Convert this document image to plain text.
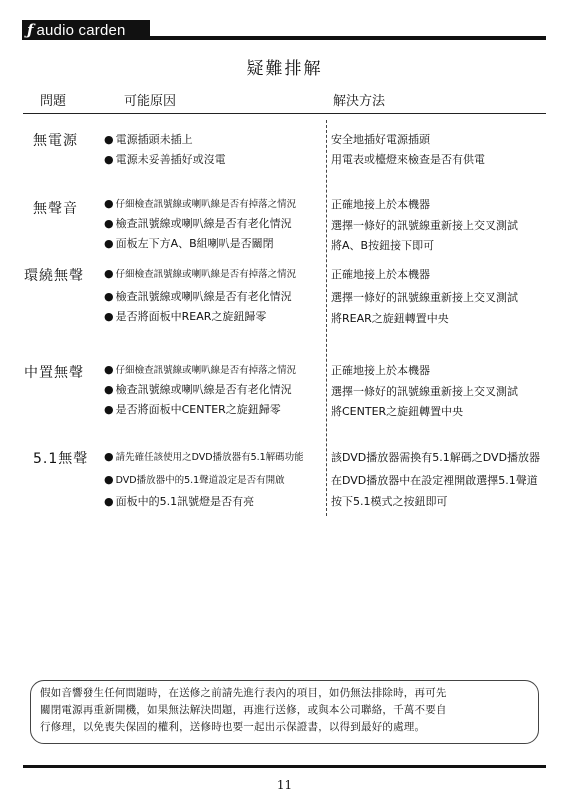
ƒ audio carden
疑難排解
問題	可能原因	解決方法
無電源 ● 電源插頭未插上
● 電源未妥善插好或沒電
安全地插好電源插頭
用電表或檯燈來檢查是否有供電
無聲音 ● 仔細檢查訊號線或喇叭線是否有掉落之情況
● 檢查訊號線或喇叭線是否有老化情況
● 面板左下方A、B組喇叭是否關閉
正確地接上於本機器
選擇一條好的訊號線重新接上交叉測試
將A、B按鈕接下即可
環繞無聲 ● 仔細檢查訊號線或喇叭線是否有掉落之情況
● 檢查訊號線或喇叭線是否有老化情況
● 是否將面板中REAR之旋鈕歸零
正確地接上於本機器
選擇一條好的訊號線重新接上交叉測試
將REAR之旋鈕轉置中央
中置無聲 ● 仔細檢查訊號線或喇叭線是否有掉落之情況
● 檢查訊號線或喇叭線是否有老化情況
● 是否將面板中CENTER之旋鈕歸零
正確地接上於本機器
選擇一條好的訊號線重新接上交叉測試
將CENTER之旋鈕轉置中央
5.1無聲 ● 請先確任該使用之DVD播放器有5.1解碼功能
● DVD播放器中的5.1聲道設定是否有開啟
● 面板中的5.1訊號燈是否有亮
該DVD播放器需換有5.1解碼之DVD播放器
在DVD播放器中在設定裡開啟選擇5.1聲道
按下5.1模式之按鈕即可
假如音響發生任何問題時，在送修之前請先進行表內的項目，如仍無法排除時，再可先
關閉電源再重新開機，如果無法解決問題，再進行送修，或與本公司聯絡，千萬不要自
行修理，以免喪失保固的權利，送修時也要一起出示保證書，以得到最好的處理。
11
